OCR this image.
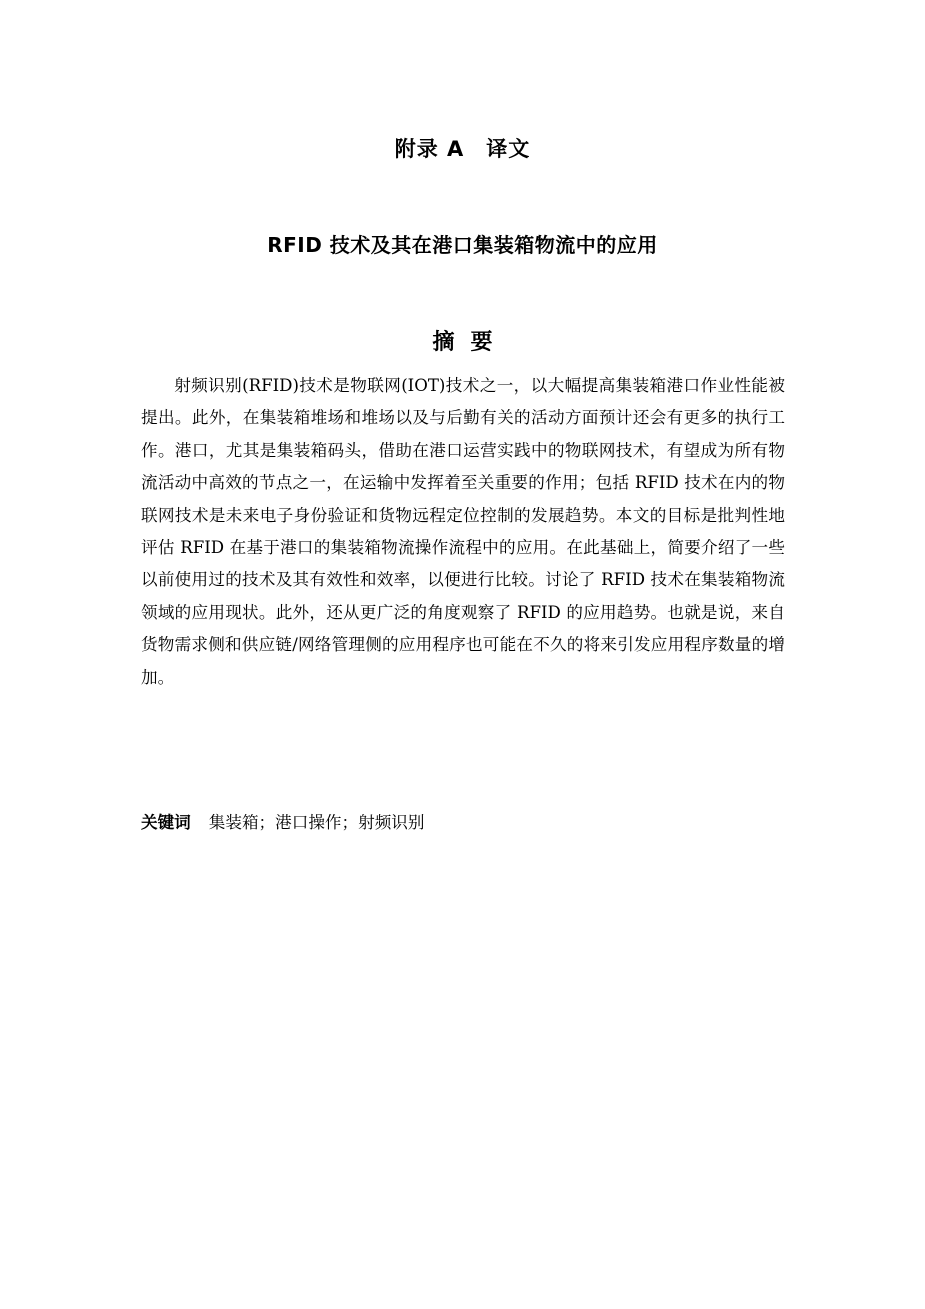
附录 A　译文
RFID 技术及其在港口集装箱物流中的应用
摘要

射频识别(RFID)技术是物联网(IOT)技术之一，以大幅提高集装箱港口作业性能被提出。此外，在集装箱堆场和堆场以及与后勤有关的活动方面预计还会有更多的执行工作。港口，尤其是集装箱码头，借助在港口运营实践中的物联网技术，有望成为所有物流活动中高效的节点之一，在运输中发挥着至关重要的作用；包括 RFID 技术在内的物联网技术是未来电子身份验证和货物远程定位控制的发展趋势。本文的目标是批判性地评估 RFID 在基于港口的集装箱物流操作流程中的应用。在此基础上，简要介绍了一些以前使用过的技术及其有效性和效率，以便进行比较。讨论了 RFID 技术在集装箱物流领域的应用现状。此外，还从更广泛的角度观察了 RFID 的应用趋势。也就是说，来自货物需求侧和供应链/网络管理侧的应用程序也可能在不久的将来引发应用程序数量的增加。

关键词 集装箱；港口操作；射频识别
